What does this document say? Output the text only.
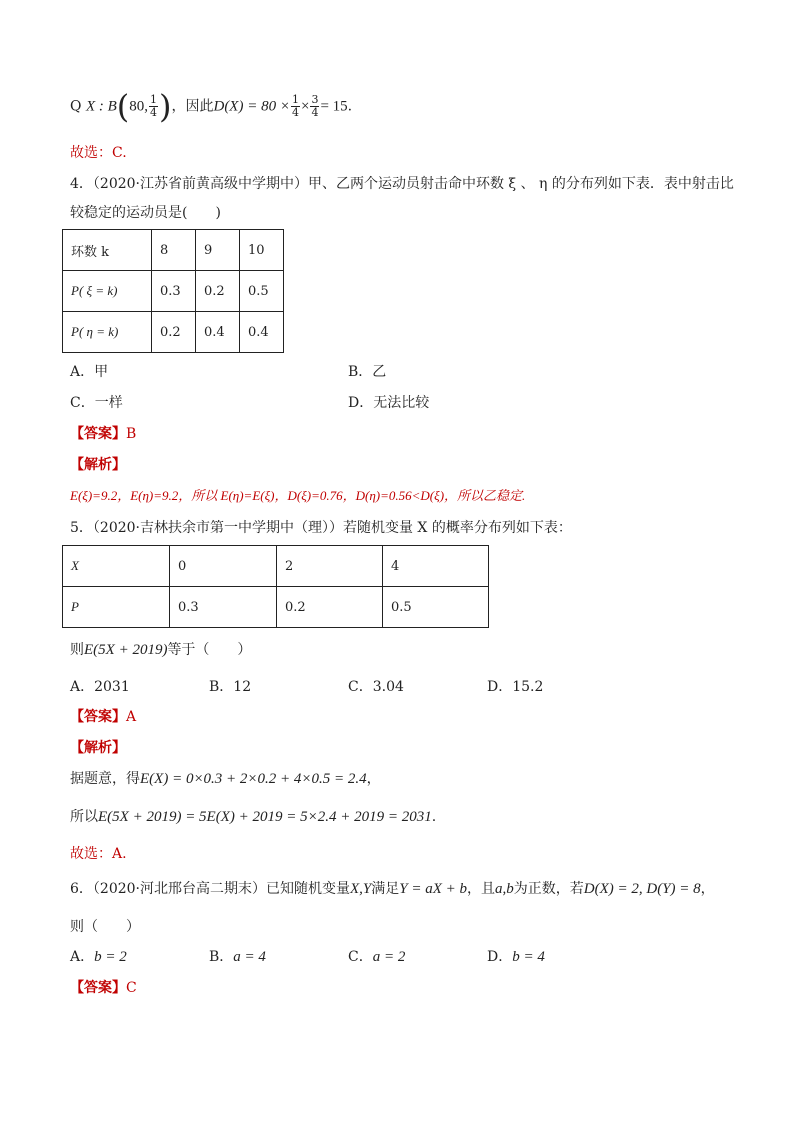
Q X : B(80, $\frac{1}{4}$ )，因此$D(X) = 80 \times \frac{1}{4} \times \frac{3}{4} = 15$.
故选：C.
4．（2020·江苏省前黄高级中学期中）甲、乙两个运动员射击命中环数 ξ 、 η 的分布列如下表．表中射击比
较稳定的运动员是(　　)
环数 k	8	9	10
P( ξ = k)	0.3	0.2	0.5
P( η = k)	0.2	0.4	0.4
A．甲	B．乙
C．一样	D．无法比较
【答案】B
【解析】
E(ξ)=9.2，E(η)=9.2，所以 E(η)=E(ξ)，D(ξ)=0.76，D(η)=0.56<D(ξ)，所以乙稳定.
5．（2020·吉林扶余市第一中学期中（理））若随机变量 X 的概率分布列如下表：
X	0	2	4
P	0.3	0.2	0.5
则E(5X + 2019)等于（　　）
A．2031	B．12	C．3.04	D．15.2
【答案】A
【解析】
据题意，得E(X) = 0×0.3 + 2×0.2 + 4×0.5 = 2.4，
所以E(5X + 2019) = 5E(X) + 2019 = 5×2.4 + 2019 = 2031.
故选：A.
6．（2020·河北邢台高二期末）已知随机变量X,Y满足Y = aX + b，且a,b为正数，若D(X) = 2, D(Y) = 8，
则（　　）
A．b = 2	B．a = 4	C．a = 2	D．b = 4
【答案】C
